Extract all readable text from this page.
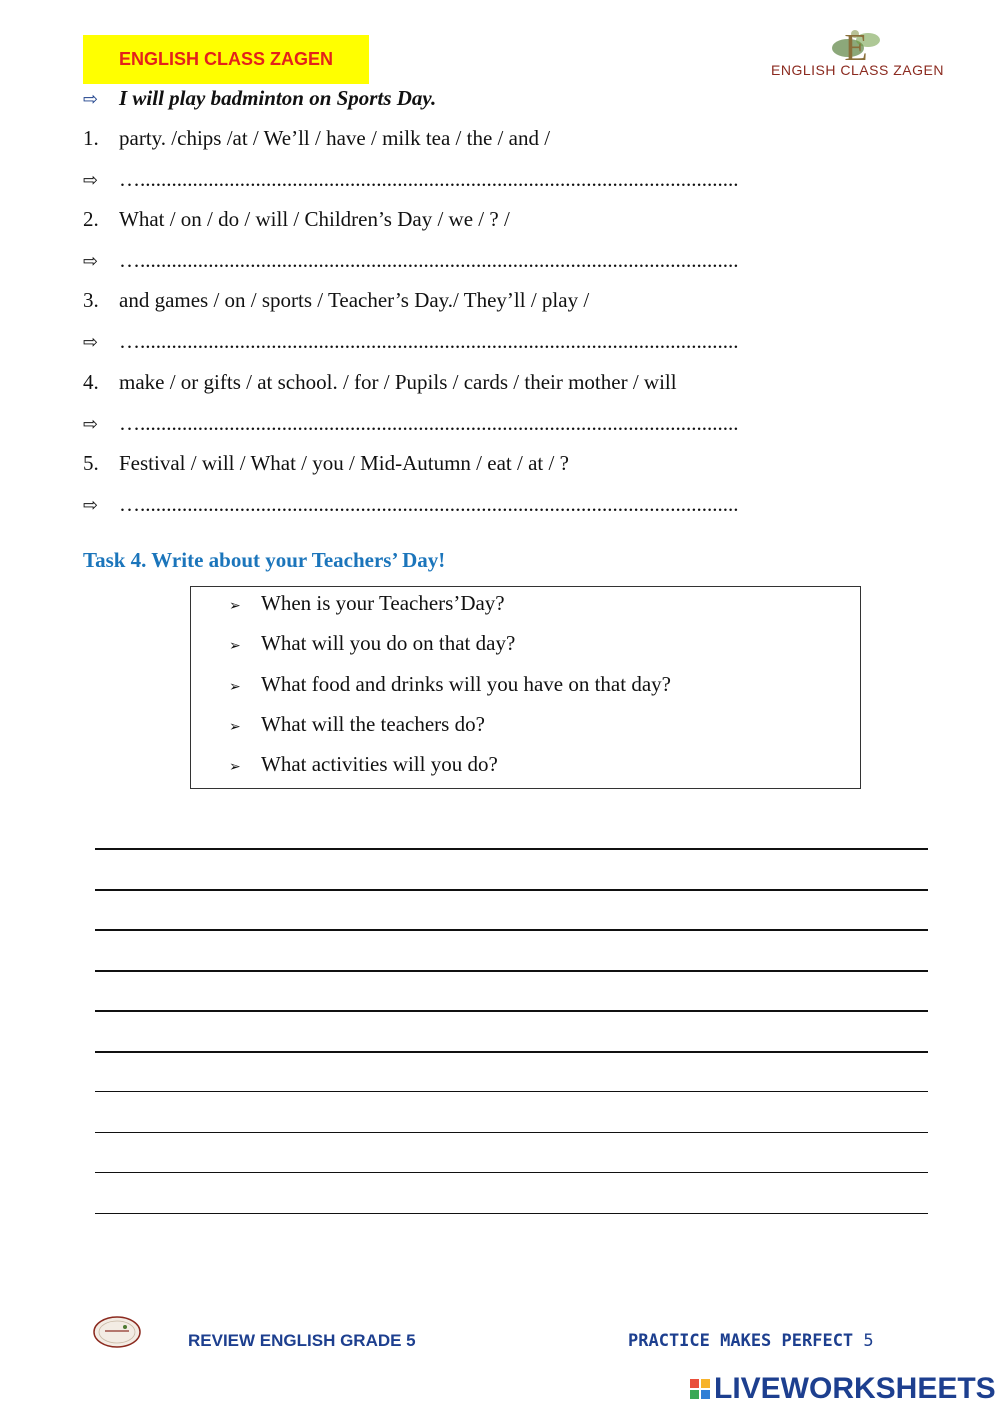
ENGLISH CLASS ZAGEN	E
ENGLISH CLASS ZAGEN
⇨ I will play badminton on Sports Day.
1. party. /chips /at / We’ll / have / milk tea / the / and /
⇨ …..................................................................................................................
2. What / on / do / will / Children’s Day / we / ? /
⇨ …..................................................................................................................
3. and games / on / sports / Teacher’s Day./ They’ll / play /
⇨ …..................................................................................................................
4. make / or gifts / at school. / for / Pupils / cards / their mother / will
⇨ …..................................................................................................................
5. Festival / will / What / you / Mid-Autumn / eat / at / ?
⇨ …..................................................................................................................
Task 4. Write about your Teachers’ Day!
➢ When is your Teachers’Day?
➢ What will you do on that day?
➢ What food and drinks will you have on that day?
➢ What will the teachers do?
➢ What activities will you do?
REVIEW ENGLISH GRADE 5	PRACTICE MAKES PERFECT 5
LIVEWORKSHEETS
